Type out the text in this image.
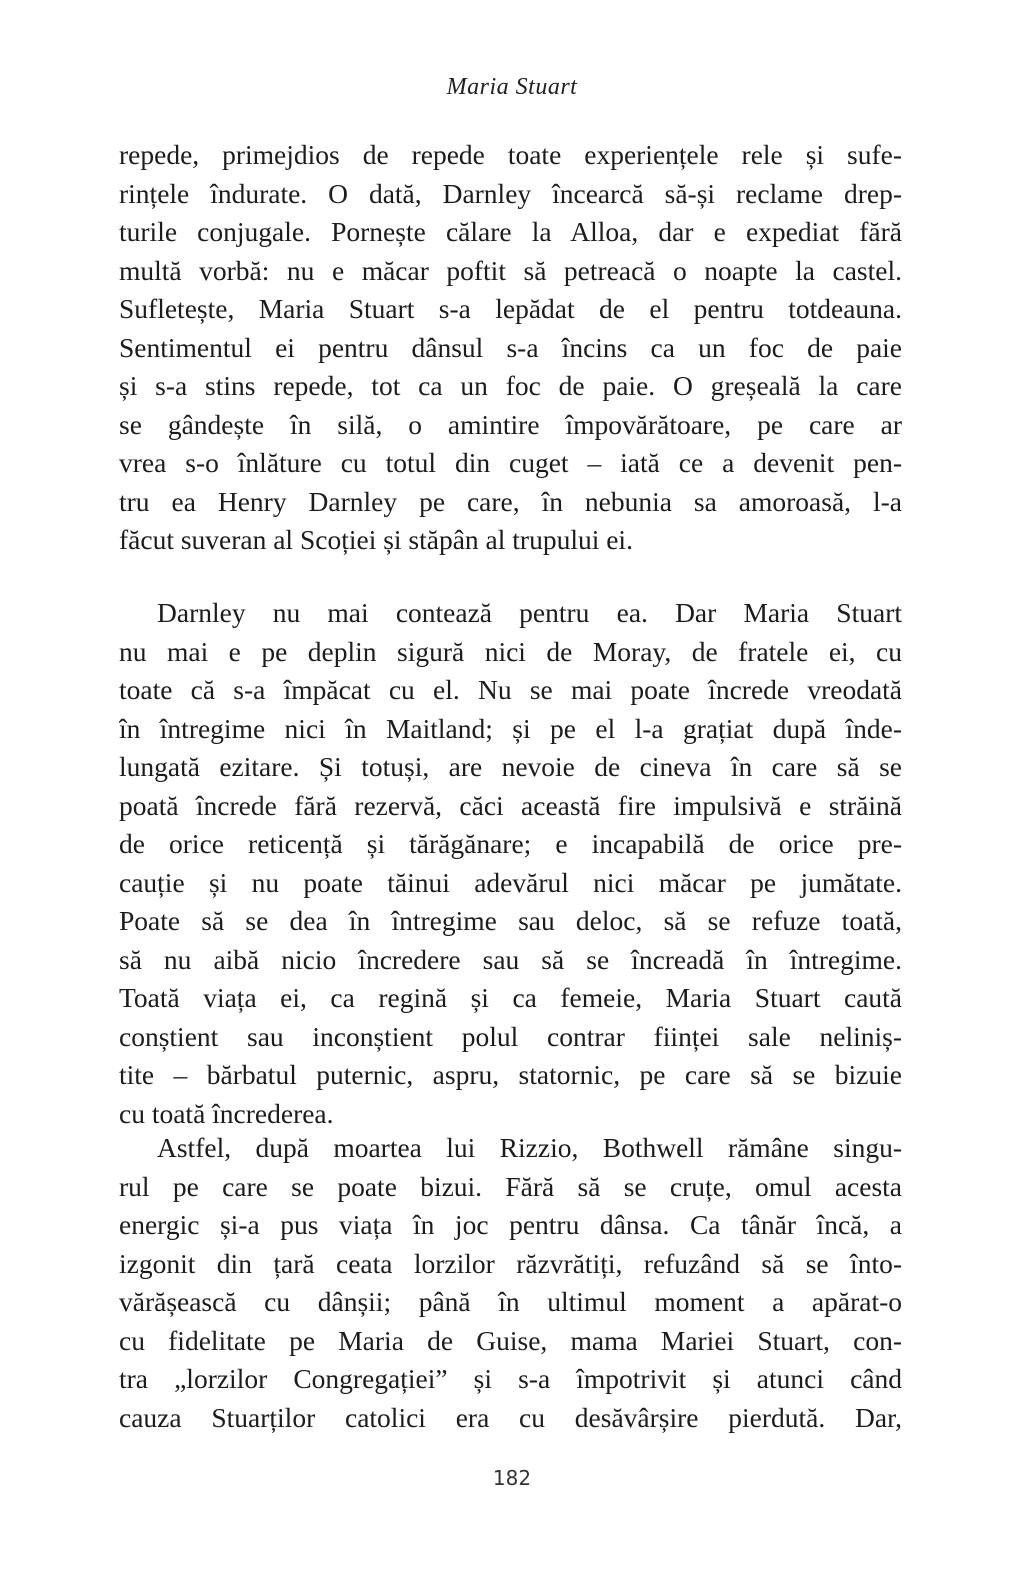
Maria Stuart
repede, primejdios de repede toate experiențele rele și sufe-
rințele îndurate. O dată, Darnley încearcă să-și reclame drep-
turile conjugale. Pornește călare la Alloa, dar e expediat fără
multă vorbă: nu e măcar poftit să petreacă o noapte la castel.
Sufletește, Maria Stuart s-a lepădat de el pentru totdeauna.
Sentimentul ei pentru dânsul s-a încins ca un foc de paie
și s-a stins repede, tot ca un foc de paie. O greșeală la care
se gândește în silă, o amintire împovărătoare, pe care ar
vrea s-o înlăture cu totul din cuget – iată ce a devenit pen-
tru ea Henry Darnley pe care, în nebunia sa amoroasă, l-a
făcut suveran al Scoției și stăpân al trupului ei.
Darnley nu mai contează pentru ea. Dar Maria Stuart
nu mai e pe deplin sigură nici de Moray, de fratele ei, cu
toate că s-a împăcat cu el. Nu se mai poate încrede vreodată
în întregime nici în Maitland; și pe el l-a grațiat după înde-
lungată ezitare. Și totuși, are nevoie de cineva în care să se
poată încrede fără rezervă, căci această fire impulsivă e străină
de orice reticență și tărăgănare; e incapabilă de orice pre-
cauție și nu poate tăinui adevărul nici măcar pe jumătate.
Poate să se dea în întregime sau deloc, să se refuze toată,
să nu aibă nicio încredere sau să se încreadă în întregime.
Toată viața ei, ca regină și ca femeie, Maria Stuart caută
conștient sau inconștient polul contrar ființei sale neliniș-
tite – bărbatul puternic, aspru, statornic, pe care să se bizuie
cu toată încrederea.
Astfel, după moartea lui Rizzio, Bothwell rămâne singu-
rul pe care se poate bizui. Fără să se cruțe, omul acesta
energic și-a pus viața în joc pentru dânsa. Ca tânăr încă, a
izgonit din țară ceata lorzilor răzvrătiți, refuzând să se înto-
vărășească cu dânșii; până în ultimul moment a apărat-o
cu fidelitate pe Maria de Guise, mama Mariei Stuart, con-
tra „lorzilor Congregației” și s-a împotrivit și atunci când
cauza Stuarților catolici era cu desăvârșire pierdută. Dar,
182
